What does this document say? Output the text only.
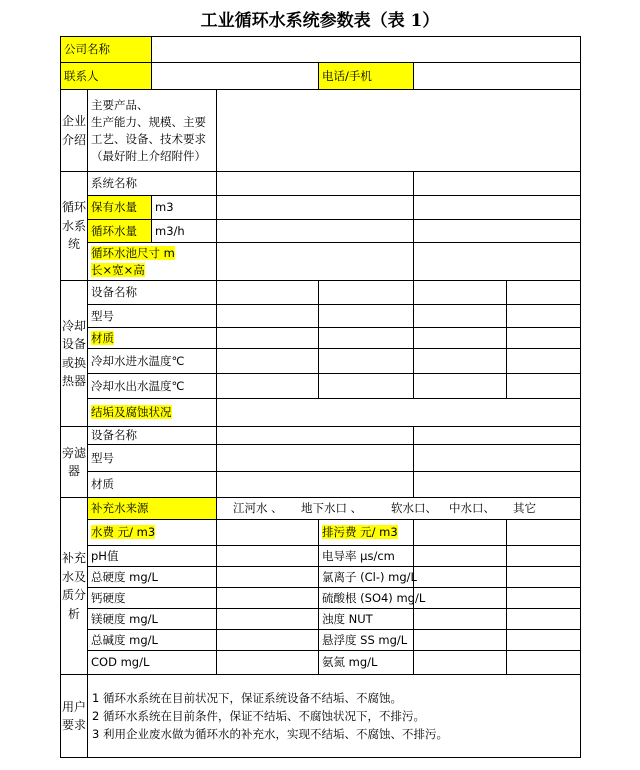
工业循环水系统参数表（表 1）
公司名称						
联系人				电话/手机		
企业介绍	主要产品、
生产能力、规模、主要
工艺、设备、技术要求
（最好附上介绍附件）					

循环水系统	系统名称					
	保有水量	m3				
	循环水量	m3/h				
	循环水池尺寸 m
长×宽×高					
冷却设备或换热器	设备名称					
	型号					
	材质					
	冷却水进水温度℃					
	冷却水出水温度℃					
	结垢及腐蚀状况					
旁滤器	设备名称					
	型号					
	材质					
补充水及质分析	补充水来源		江河水 、 地下水口 、 软水口、 中水口、 其它			
	水费 元/ m3			排污费 元/ m3		
	pH值			电导率 μs/cm		
	总硬度 mg/L			氯离子 (Cl-) mg/L		
	钙硬度			硫酸根 (SO4) mg/L		
	镁硬度 mg/L			浊度 NUT		
	总碱度 mg/L			悬浮度 SS mg/L		
	COD mg/L			氨氮 mg/L		
用户要求	1 循环水系统在目前状况下，保证系统设备不结垢、不腐蚀。
2 循环水系统在目前条件，保证不结垢、不腐蚀状况下，不排污。
3 利用企业废水做为循环水的补充水，实现不结垢、不腐蚀、不排污。					
